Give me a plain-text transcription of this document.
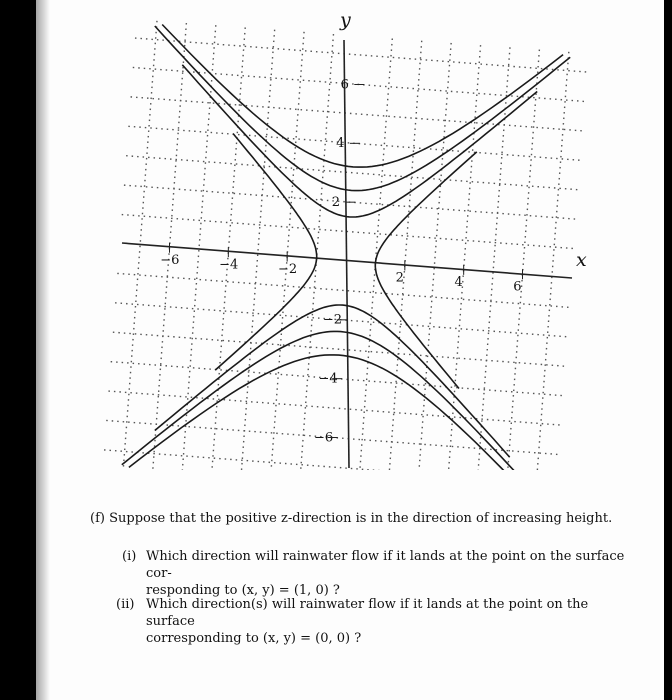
−6	−4	−2
2	4	6
6
4
2
−2
−4
−6
y
x
(f) Suppose that the positive z-direction is in the direction of increasing height.
(i) Which direction will rainwater flow if it lands at the point on the surface cor-
responding to (x, y) = (1, 0) ?
(ii) Which direction(s) will rainwater flow if it lands at the point on the surface
corresponding to (x, y) = (0, 0) ?
